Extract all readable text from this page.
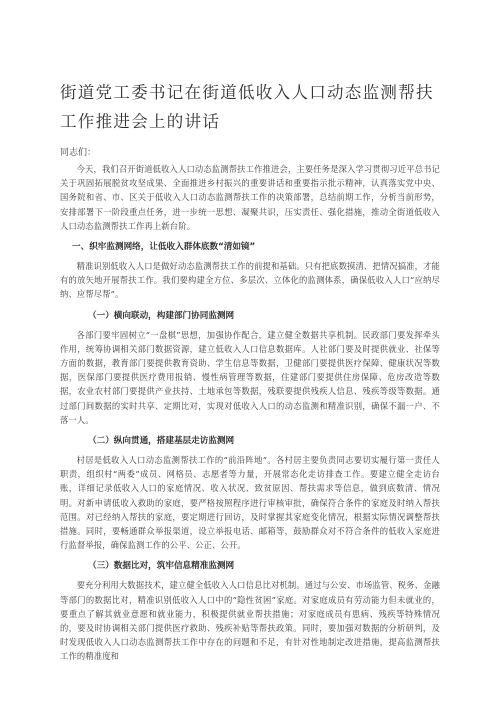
街道党工委书记在街道低收入人口动态监测帮扶工作推进会上的讲话
同志们：

今天，我们召开街道低收入人口动态监测帮扶工作推进会，主要任务是深入学习贯彻习近平总书记关于巩固拓展脱贫攻坚成果、全面推进乡村振兴的重要讲话和重要指示批示精神，认真落实党中央、国务院和省、市、区关于低收入人口动态监测帮扶工作的决策部署，总结前期工作，分析当前形势，安排部署下一阶段重点任务，进一步统一思想、凝聚共识，压实责任、强化措施，推动全街道低收入人口动态监测帮扶工作再上新台阶。

一、织牢监测网络，让低收入群体底数“清如镜”

精准识别低收入人口是做好动态监测帮扶工作的前提和基础。只有把底数摸清、把情况搞准，才能有的放矢地开展帮扶工作。我们要构建全方位、多层次、立体化的监测体系，确保低收入人口“应纳尽纳、应帮尽帮”。

（一）横向联动，构建部门协同监测网

各部门要牢固树立“一盘棋”思想，加强协作配合，建立健全数据共享机制。民政部门要发挥牵头作用，统筹协调相关部门数据资源，建立低收入人口信息数据库。人社部门要及时提供就业、社保等方面的数据，教育部门要提供教育资助、学生信息等数据，卫健部门要提供医疗保障、健康状况等数据，医保部门要提供医疗费用报销、慢性病管理等数据，住建部门要提供住房保障、危房改造等数据，农业农村部门要提供产业扶持、土地承包等数据，残联要提供残疾人信息、残疾等级等数据。通过部门间数据的实时共享、定期比对，实现对低收入人口的动态监测和精准识别，确保不漏一户、不落一人。

（二）纵向贯通，搭建基层走访监测网

村居是低收入人口动态监测帮扶工作的“前沿阵地”。各村居主要负责同志要切实履行第一责任人职责，组织村“两委”成员、网格员、志愿者等力量，开展常态化走访排查工作。要建立健全走访台账，详细记录低收入人口的家庭情况、收入状况、致贫原因、帮扶需求等信息，做到底数清、情况明。对新申请低收入救助的家庭，要严格按照程序进行审核审批，确保符合条件的家庭及时纳入帮扶范围。对已经纳入帮扶的家庭，要定期进行回访，及时掌握其家庭变化情况，根据实际情况调整帮扶措施。同时，要畅通群众举报渠道，设立举报电话、邮箱等，鼓励群众对不符合条件的低收入家庭进行监督举报，确保监测工作的公平、公正、公开。

（三）数据比对，筑牢信息精准监测网

要充分利用大数据技术，建立健全低收入人口信息比对机制。通过与公安、市场监管、税务、金融等部门的数据比对，精准识别低收入人口中的“隐性贫困”家庭。对家庭成员有劳动能力但未就业的，要重点了解其就业意愿和就业能力，积极提供就业帮扶措施；对家庭成员有患病、残疾等特殊情况的，要及时协调相关部门提供医疗救助、残疾补贴等帮扶政策。同时，要加强对数据的分析研判，及时发现低收入人口动态监测帮扶工作中存在的问题和不足，有针对性地制定改进措施，提高监测帮扶工作的精准度和
